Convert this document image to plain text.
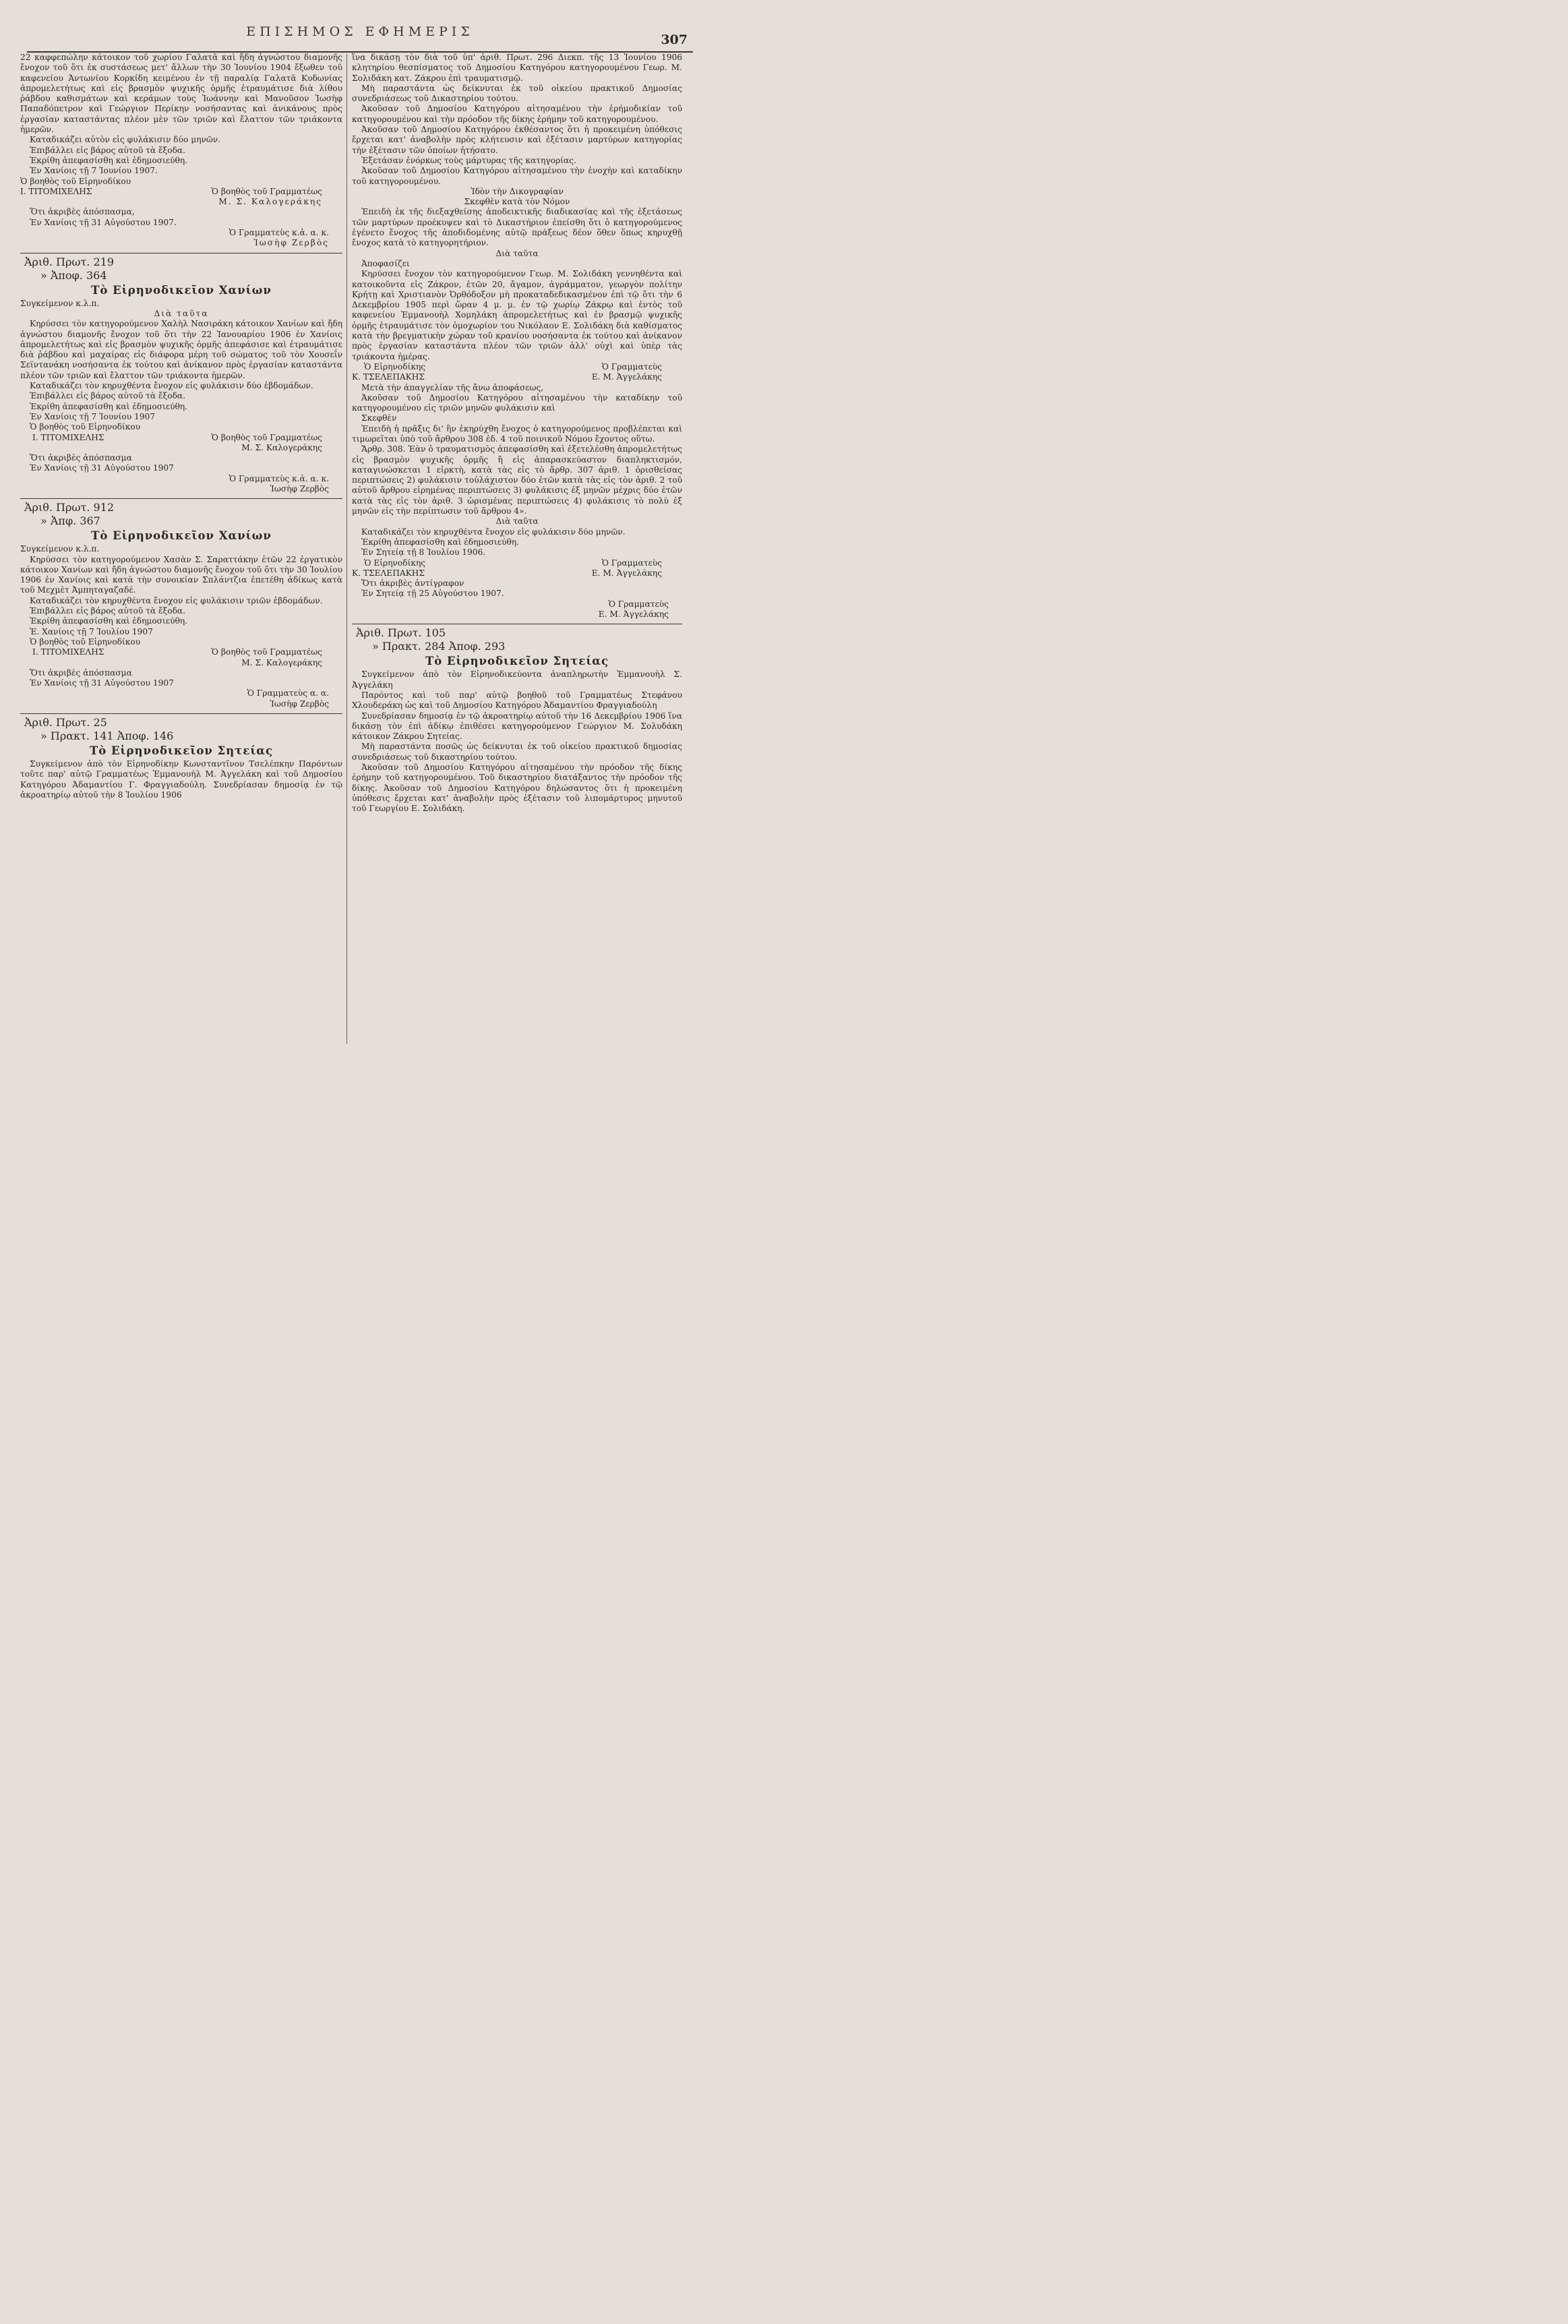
ΕΠΙΣΗΜΟΣ ΕΦΗΜΕΡΙΣ
307

22 καφφεπώλην κάτοικον τοῦ χωρίου Γαλατᾶ καὶ ἤδη ἀγνώστου διαμονῆς ἔνοχον τοῦ ὅτι ἐκ συστάσεως μετ' ἄλλων τὴν 30 Ἰουνίου 1904 ἔξωθεν τοῦ καφενείου Ἀντωνίου Κορκίδη κειμένου ἐν τῇ παραλίᾳ Γαλατᾶ Κυδωνίας ἀπρομελετήτως καὶ εἰς βρασμὸν ψυχικῆς ὁρμῆς ἐτραυμάτισε διὰ λίθου ῥάβδου καθισμάτων καὶ κεράμων τοὺς Ἰωάννην καὶ Μανοῦσον Ἰωσὴφ Παπαδόπετρον καὶ Γεώργιον Περίκην νοσήσαντας καὶ ἀνικάνους πρὸς ἐργασίαν καταστάντας πλέον μὲν τῶν τριῶν καὶ ἔλαττον τῶν τριάκοντα ἡμερῶν.

Καταδικάζει αὐτὸν εἰς φυλάκισιν δύο μηνῶν.

Ἐπιβάλλει εἰς βάρος αὐτοῦ τὰ ἔξοδα.

Ἐκρίθη ἀπεφασίσθη καὶ ἐδημοσιεύθη.

Ἐν Χανίοις τῇ 7 Ἰουνίου 1907.

Ὁ βοηθὸς τοῦ Εἰρηνοδίκου
Ι. ΤΙΤΟΜΙΧΕΛΗΣ	Ὁ βοηθὸς τοῦ Γραμματέως
Μ. Σ. Καλογεράκης

Ὅτι ἀκριβὲς ἀπόσπασμα,

Ἐν Χανίοις τῇ 31 Αὐγούστου 1907.

Ὁ Γραμματεὺς κ.ἁ. α. κ.

Ἰωσὴφ Ζερβὸς

Ἀριθ. Πρωτ. 219

» Ἀποφ. 364

Τὸ Εἰρηνοδικεῖον Χανίων

Συγκείμενον κ.λ.π.

Διὰ ταῦτα

Κηρύσσει τὸν κατηγορούμενον Χαλὴλ Νασιράκη κάτοικον Χανίων καὶ ἤδη ἀγνώστου διαμονῆς ἔνοχον τοῦ ὅτι τὴν 22 Ἰανουαρίου 1906 ἐν Χανίοις ἀπρομελετήτως καὶ εἰς βρασμὸν ψυχικῆς ὁρμῆς ἀπεφάσισε καὶ ἐτραυμάτισε διὰ ῥάβδου καὶ μαχαίρας εἰς διάφορα μέρη τοῦ σώματος τοῦ τὸν Χουσεΐν Σεϊντανάκη νοσήσαντα ἐκ τούτου καὶ ἀνίκανον πρὸς ἐργασίαν καταστάντα πλέον τῶν τριῶν καὶ ἔλαττον τῶν τριάκοντα ἡμερῶν.

Καταδικάζει τὸν κηρυχθέντα ἔνοχον εἰς φυλάκισιν δύο ἑβδομάδων.

Ἐπιβάλλει εἰς βάρος αὐτοῦ τὰ ἔξοδα.

Ἐκρίθη ἀπεφασίσθη καὶ ἐδημοσιεύθη.

Ἐν Χανίοις τῇ 7 Ἰουνίου 1907

Ὁ βοηθὸς τοῦ Εἰρηνοδίκου

Ι. ΤΙΤΟΜΙΧΕΛΗΣ	Ὁ βοηθὸς τοῦ Γραμματέως
Μ. Σ. Καλογεράκης

Ὅτι ἀκριβὲς ἀπόσπασμα

Ἐν Χανίοις τῇ 31 Αὐγούστου 1907

Ὁ Γραμματεὺς κ.ἁ. α. κ.

Ἰωσὴφ Ζερβὸς

Ἀριθ. Πρωτ. 912

» Ἀπφ. 367

Τὸ Εἰρηνοδικεῖον Χανίων

Συγκείμενον κ.λ.π.

Κηρύσσει τὸν κατηγορούμενον Χασὰν Σ. Σαραττάκην ἐτῶν 22 ἐργατικὸν κάτοικον Χανίων καὶ ἤδη ἀγνώστου διαμονῆς ἔνοχον τοῦ ὅτι τὴν 30 Ἰουλίου 1906 ἐν Χανίοις καὶ κατὰ τὴν συνοικίαν Σπλάντζια ἐπετέθη ἀδίκως κατὰ τοῦ Μεχμὲτ Ἀμπηταγαζαδέ.

Καταδικάζει τὸν κηρυχθέντα ἔνοχον εἰς φυλάκισιν τριῶν ἑβδομάδων.

Ἐπιβάλλει εἰς βάρος αὐτοῦ τὰ ἔξοδα.

Ἐκρίθη ἀπεφασίσθη καὶ ἐδημοσιεύθη.

Ἐ. Χανίοις τῇ 7 Ἰουλίου 1907

Ὁ βοηθὸς τοῦ Εἰρηνοδίκου

Ι. ΤΙΤΟΜΙΧΕΛΗΣ	Ὁ βοηθὸς τοῦ Γραμματέως
Μ. Σ. Καλογεράκης

Ὅτι ἀκριβὲς ἀπόσπασμα

Ἐν Χανίοις τῇ 31 Αὐγούστου 1907

Ὁ Γραμματεὺς α. α.

Ἰωσὴφ Ζερβὸς

Ἀριθ. Πρωτ. 25

» Πρακτ. 141 Ἀποφ. 146

Τὸ Εἰρηνοδικεῖον Σητείας

Συγκείμενον ἀπὸ τὸν Εἰρηνοδίκην Κωνσταντῖνον Τσελέπκην Παρόντων τοῦτε παρ' αὐτῷ Γραμματέως Ἐμμανουὴλ Μ. Ἀγγελάκη καὶ τοῦ Δημοσίου Κατηγόρου Ἀδαμαντίου Γ. Φραγγιαδούλη. Συνεδρίασαν δημοσίᾳ ἐν τῷ ἀκροατηρίῳ αὐτοῦ τὴν 8 Ἰουλίου 1906

ἵνα δικάσῃ τὸν διὰ τοῦ ὑπ' ἀριθ. Πρωτ. 296 Διεκπ. τῆς 13 Ἰουνίου 1906 κλητηρίου θεσπίσματος τοῦ Δημοσίου Κατηγόρου κατηγορουμένου Γεωρ. Μ. Σολιδάκη κατ. Ζάκρου ἐπὶ τραυματισμῷ.

Μὴ παραστάντα ὡς δείκνυται ἐκ τοῦ οἰκείου πρακτικοῦ Δημοσίας συνεδριάσεως τοῦ Δικαστηρίου τούτου.

Ἀκοῦσαν τοῦ Δημοσίου Κατηγόρου αἰτησαμένου τὴν ἐρήμοδικίαν τοῦ κατηγορουμένου καὶ τὴν πρόοδον τῆς δίκης ἐρήμην τοῦ κατηγορουμένου.

Ἀκοῦσαν τοῦ Δημοσίου Κατηγόρου ἐκθέσαντος ὅτι ἡ προκειμένη ὑπόθεσις ἔρχεται κατ' ἀναβολὴν πρὸς κλήτευσιν καὶ ἐξέτασιν μαρτύρων κατηγορίας τὴν ἐξέτασιν τῶν ὁποίων ἠτήσατο.

Ἐξετάσαν ἐνόρκως τοὺς μάρτυρας τῆς κατηγορίας.

Ἀκοῦσαν τοῦ Δημοσίου Κατηγόρου αἰτησαμένου τὴν ἐνοχὴν καὶ καταδίκην τοῦ κατηγορουμένου.

Ἰδὸν τὴν Δικογραφίαν

Σκεφθὲν κατὰ τὸν Νόμον

Ἐπειδὴ ἐκ τῆς διεξαχθείσης ἀποδεικτικῆς διαδικασίας καὶ τῆς ἐξετάσεως τῶν μαρτύρων προέκυψεν καὶ τὸ Δικαστήριον ἐπείσθη ὅτι ὁ κατηγορούμενος ἐγένετο ἔνοχος τῆς ἀποδιδομένης αὐτῷ πράξεως δέον ὅθεν ὅπως κηρυχθῇ ἔνοχος κατὰ τὸ κατηγορητήριον.

Διὰ ταῦτα

Ἀποφασίζει

Κηρύσσει ἔνοχον τὸν κατηγορούμενον Γεωρ. Μ. Σολιδάκη γεννηθέντα καὶ κατοικοῦντα εἰς Ζάκρον, ἐτῶν 20, ἄγαμον, ἀγράμματον, γεωργὸν πολίτην Κρήτῃ καὶ Χριστιανὸν Ὀρθόδοξον μὴ προκαταδεδικασμένον ἐπὶ τῷ ὅτι τὴν 6 Δεκεμβρίου 1905 περὶ ὥραν 4 μ. μ. ἐν τῷ χωρίῳ Ζάκρῳ καὶ ἐντὸς τοῦ καφενείου Ἐμμανουὴλ Χομηλάκη ἀπρομελετήτως καὶ ἐν βρασμῷ ψυχικῆς ὁρμῆς ἐτραυμάτισε τὸν ὁμοχωρίον του Νικόλαον Ε. Σολιδάκη διὰ καθίσματος κατὰ τὴν βρεγματικὴν χώραν τοῦ κρανίου νοσήσαντα ἐκ τούτου καὶ ἀνίκανον πρὸς ἐργασίαν καταστάντα πλέον τῶν τριῶν ἀλλ' οὐχὶ καὶ ὑπὲρ τὰς τριάκοντα ἡμέρας.

Ὁ Εἰρηνοδίκης	Ὁ Γραμματεὺς
Κ. ΤΣΕΛΕΠΑΚΗΣ	Ε. Μ. Ἀγγελάκης

Μετὰ τὴν ἀπαγγελίαν τῆς ἄνω ἀποφάσεως,

Ἀκοῦσαν τοῦ Δημοσίου Κατηγόρου αἰτησαμένου τὴν καταδίκην τοῦ κατηγορουμένου εἰς τριῶν μηνῶν φυλάκισιν καὶ

Σκεφθὲν

Ἐπειδὴ ἡ πρᾶξις δι' ἣν ἐκηρύχθη ἔνοχος ὁ κατηγορούμενος προβλέπεται καὶ τιμωρεῖται ὑπὸ τοῦ ἄρθρου 308 ἐδ. 4 τοῦ ποινικοῦ Νόμου ἔχοντος οὕτω.

Ἄρθρ. 308. Ἐὰν ὁ τραυματισμὸς ἀπεφασίσθη καὶ ἐξετελέσθη ἀπρομελετήτως εἰς βρασμὸν ψυχικῆς ὁρμῆς ἢ εἰς ἀπαρασκεύαστον διαπληκτισμόν, καταγινώσκεται 1 εἱρκτὴ, κατὰ τὰς εἰς τὸ ἄρθρ. 307 ἀριθ. 1 ὁρισθείσας περιπτώσεις 2) φυλάκισιν τοὐλάχιστον δύο ἐτῶν κατὰ τὰς εἰς τὸν ἀριθ. 2 τοῦ αὐτοῦ ἄρθρου εἰρημένας περιπτώσεις 3) φυλάκισις ἐξ μηνῶν μέχρις δύο ἐτῶν κατὰ τὰς εἰς τὸν ἀριθ. 3 ὡρισμένας περιπτώσεις 4) φυλάκισις τὸ πολὺ ἐξ μηνῶν εἰς τὴν περίπτωσιν τοῦ ἄρθρου 4».

Διὰ ταῦτα

Καταδικάζει τὸν κηρυχθέντα ἔνοχον εἰς φυλάκισιν δύο μηνῶν.

Ἐκρίθη ἀπεφασίσθη καὶ ἐδημοσιεύθη.

Ἐν Σητείᾳ τῇ 8 Ἰουλίου 1906.

Ὁ Εἰρηνοδίκης	Ὁ Γραμματεὺς
Κ. ΤΣΕΛΕΠΑΚΗΣ	Ε. Μ. Ἀγγελάκης

Ὅτι ἀκριβὲς ἀντίγραφον

Ἐν Σητείᾳ τῇ 25 Αὐγούστου 1907.

Ὁ Γραμματεὺς

Ε. Μ. Ἀγγελάκης

Ἀριθ. Πρωτ. 105

» Πρακτ. 284 Ἀποφ. 293

Τὸ Εἰρηνοδικεῖον Σητείας

Συγκείμενον ἀπὸ τὸν Εἰρηνοδικεύοντα ἀναπληρωτὴν Ἐμμανουὴλ Σ. Ἀγγελάκη

Παρόντος καὶ τοῦ παρ' αὐτῷ βοηθοῦ τοῦ Γραμματέως Στεφάνου Χλουδεράκη ὡς καὶ τοῦ Δημοσίου Κατηγόρου Ἀδαμαντίου Φραγγιαδούλη

Συνεδρίασαν δημοσίᾳ ἐν τῷ ἀκροατηρίῳ αὐτοῦ τὴν 16 Δεκεμβρίου 1906 ἵνα δικάσῃ τὸν ἐπὶ ἀδίκῳ ἐπιθέσει κατηγορούμενον Γεώργιον Μ. Σολυδάκη κάτοικον Ζάκρου Σητείας.

Μὴ παραστάντα ποσῶς ὡς δείκνυται ἐκ τοῦ οἰκείου πρακτικοῦ δημοσίας συνεδριάσεως τοῦ δικαστηρίου τούτου.

Ἀκοῦσαν τοῦ Δημοσίου Κατηγόρου αἰτησαμένου τὴν πρόοδον τῆς δίκης ἐρήμην τοῦ κατηγορουμένου. Τοῦ δικαστηρίου διατάξαντος τὴν πρόοδον τῆς δίκης. Ἀκοῦσαν τοῦ Δημοσίου Κατηγόρου δηλώσαντος ὅτι ἡ προκειμένη ὑπόθεσις ἔρχεται κατ' ἀναβολὴν πρὸς ἐξέτασιν τοῦ λιπομάρτυρος μηνυτοῦ τοῦ Γεωργίου Ε. Σολιδάκη.
